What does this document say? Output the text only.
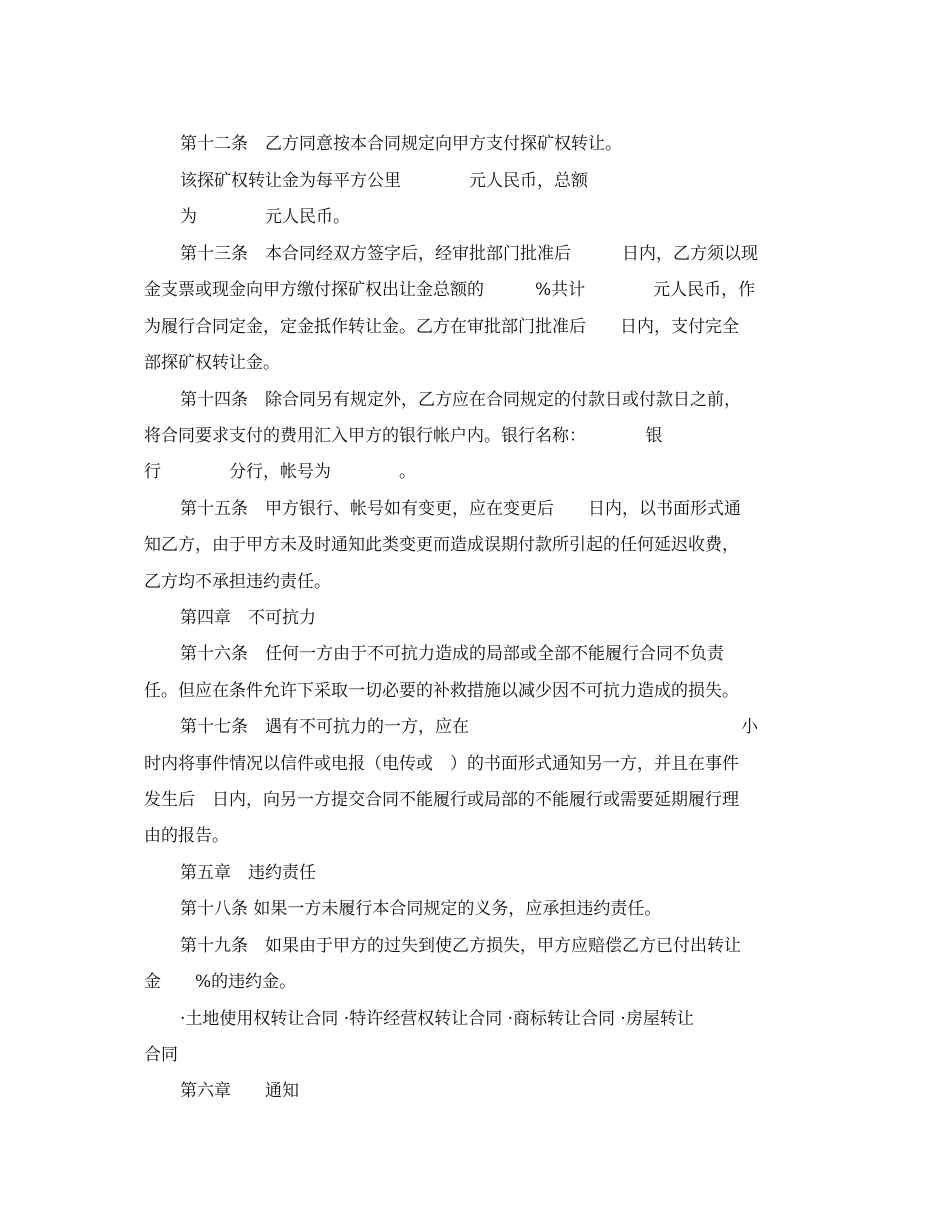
第十二条　乙方同意按本合同规定向甲方支付探矿权转让。
该探矿权转让金为每平方公里　　　　元人民币，总额
为　　　　元人民币。
第十三条　本合同经双方签字后，经审批部门批准后　　　日内，乙方须以现
金支票或现金向甲方缴付探矿权出让金总额的　　　%共计　　　　元人民币，作
为履行合同定金，定金抵作转让金。乙方在审批部门批准后　　日内，支付完全
部探矿权转让金。
第十四条　除合同另有规定外，乙方应在合同规定的付款日或付款日之前，
将合同要求支付的费用汇入甲方的银行帐户内。银行名称：　　　　银
行　　　　分行，帐号为　　　　。
第十五条　甲方银行、帐号如有变更，应在变更后　　日内，以书面形式通
知乙方，由于甲方未及时通知此类变更而造成误期付款所引起的任何延迟收费，
乙方均不承担违约责任。
第四章　不可抗力
第十六条　任何一方由于不可抗力造成的局部或全部不能履行合同不负责
任。但应在条件允许下采取一切必要的补救措施以减少因不可抗力造成的损失。
第十七条　遇有不可抗力的一方，应在　　　　　　　　　　　　　　　　小
时内将事件情况以信件或电报（电传或　）的书面形式通知另一方，并且在事件
发生后　日内，向另一方提交合同不能履行或局部的不能履行或需要延期履行理
由的报告。
第五章　违约责任
第十八条 如果一方未履行本合同规定的义务，应承担违约责任。
第十九条　如果由于甲方的过失到使乙方损失，甲方应赔偿乙方已付出转让
金　　%的违约金。
·土地使用权转让合同 ·特许经营权转让合同 ·商标转让合同 ·房屋转让
合同
第六章　　通知
